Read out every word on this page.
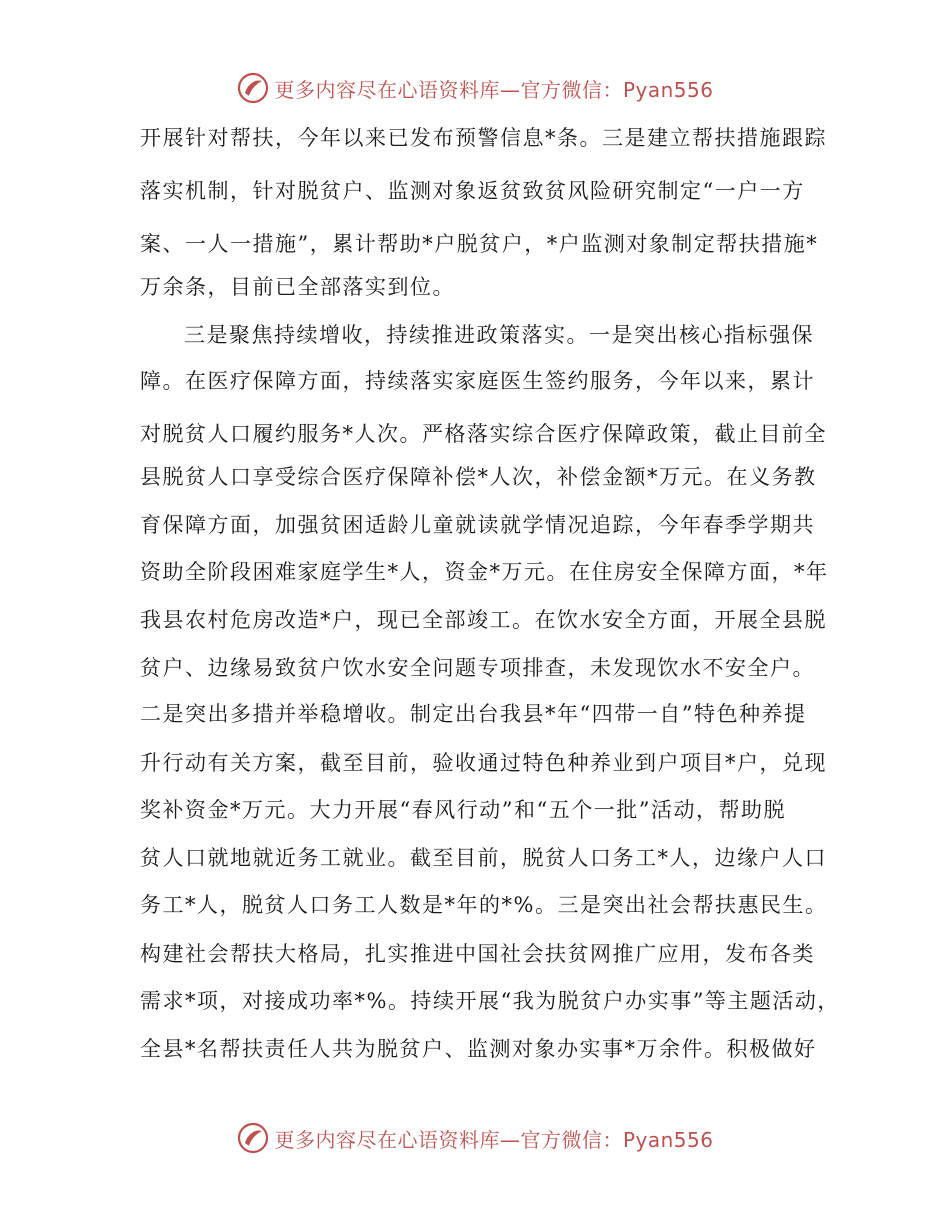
更多内容尽在心语资料库—官方微信：Pyan556
开展针对帮扶，今年以来已发布预警信息*条。三是建立帮扶措施跟踪
落实机制，针对脱贫户、监测对象返贫致贫风险研究制定“一户一方
案、一人一措施”，累计帮助*户脱贫户，*户监测对象制定帮扶措施*
万余条，目前已全部落实到位。
三是聚焦持续增收，持续推进政策落实。一是突出核心指标强保
障。在医疗保障方面，持续落实家庭医生签约服务，今年以来，累计
对脱贫人口履约服务*人次。严格落实综合医疗保障政策，截止目前全
县脱贫人口享受综合医疗保障补偿*人次，补偿金额*万元。在义务教
育保障方面，加强贫困适龄儿童就读就学情况追踪，今年春季学期共
资助全阶段困难家庭学生*人，资金*万元。在住房安全保障方面，*年
我县农村危房改造*户，现已全部竣工。在饮水安全方面，开展全县脱
贫户、边缘易致贫户饮水安全问题专项排查，未发现饮水不安全户。
二是突出多措并举稳增收。制定出台我县*年“四带一自”特色种养提
升行动有关方案，截至目前，验收通过特色种养业到户项目*户，兑现
奖补资金*万元。大力开展“春风行动”和“五个一批”活动，帮助脱
贫人口就地就近务工就业。截至目前，脱贫人口务工*人，边缘户人口
务工*人，脱贫人口务工人数是*年的*%。三是突出社会帮扶惠民生。
构建社会帮扶大格局，扎实推进中国社会扶贫网推广应用，发布各类
需求*项，对接成功率*%。持续开展“我为脱贫户办实事”等主题活动，
全县*名帮扶责任人共为脱贫户、监测对象办实事*万余件。积极做好
更多内容尽在心语资料库—官方微信：Pyan556
